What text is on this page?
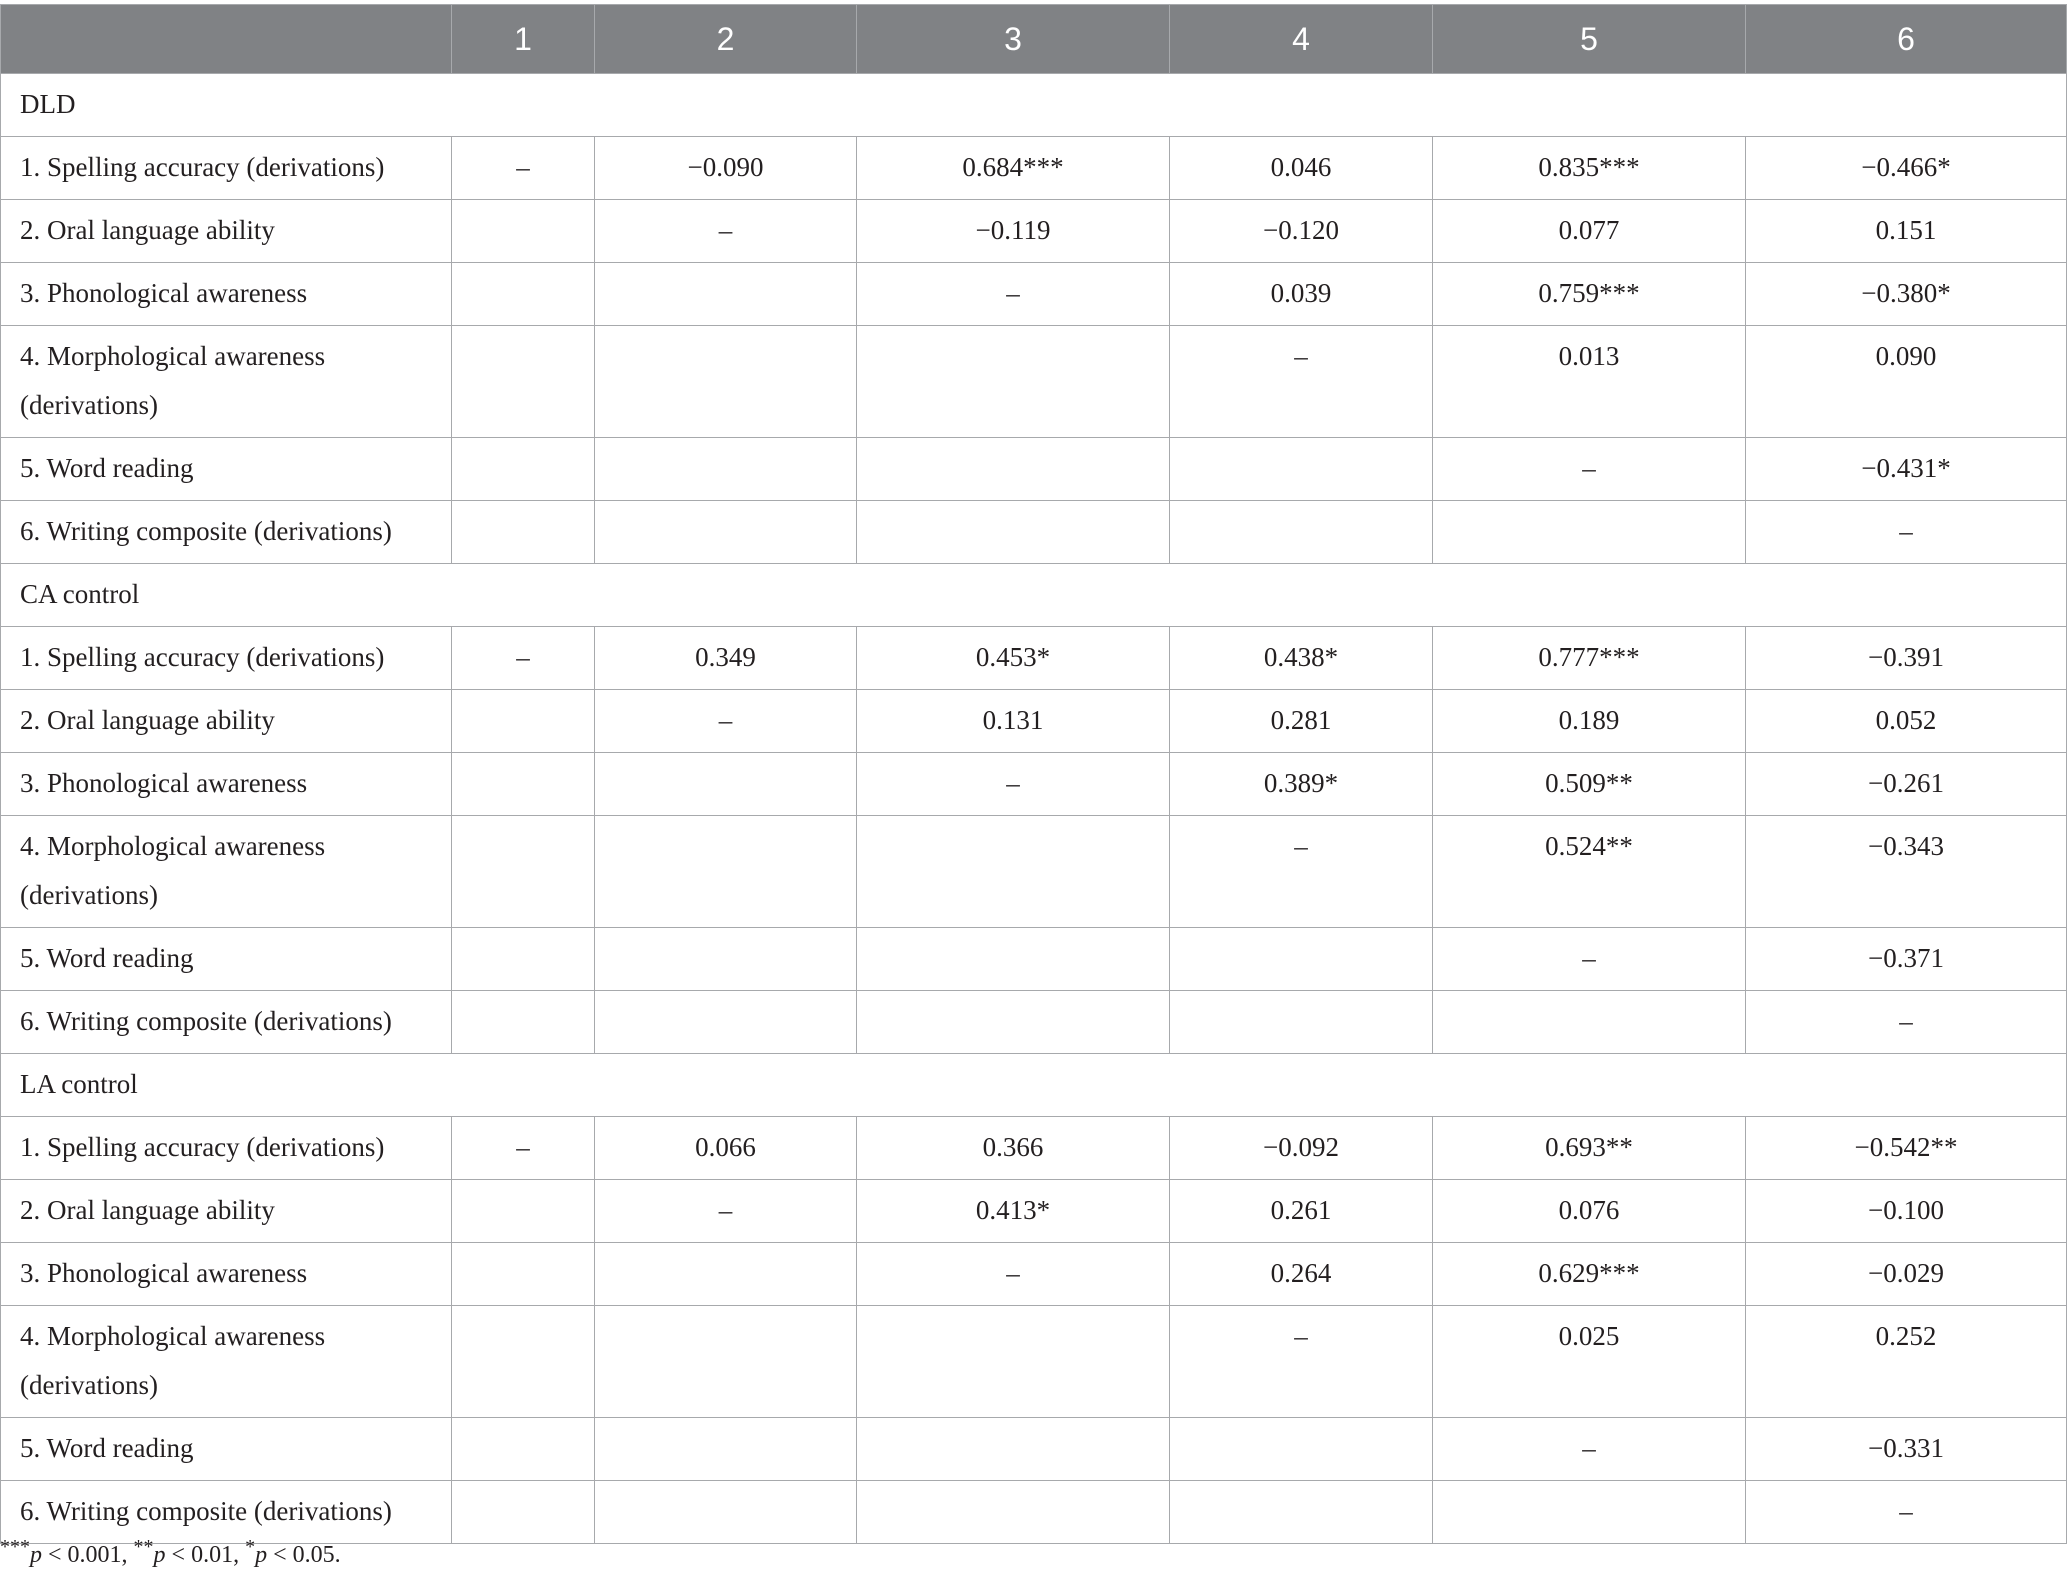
	1	2	3	4	5	6
DLD						
1. Spelling accuracy (derivations)	–	−0.090	0.684***	0.046	0.835***	−0.466*
2. Oral language ability		–	−0.119	−0.120	0.077	0.151
3. Phonological awareness			–	0.039	0.759***	−0.380*
4. Morphological awareness (derivations)				–	0.013	0.090
5. Word reading					–	−0.431*
6. Writing composite (derivations)						–
CA control						
1. Spelling accuracy (derivations)	–	0.349	0.453*	0.438*	0.777***	−0.391
2. Oral language ability		–	0.131	0.281	0.189	0.052
3. Phonological awareness			–	0.389*	0.509**	−0.261
4. Morphological awareness (derivations)				–	0.524**	−0.343
5. Word reading					–	−0.371
6. Writing composite (derivations)						–
LA control						
1. Spelling accuracy (derivations)	–	0.066	0.366	−0.092	0.693**	−0.542**
2. Oral language ability		–	0.413*	0.261	0.076	−0.100
3. Phonological awareness			–	0.264	0.629***	−0.029
4. Morphological awareness (derivations)				–	0.025	0.252
5. Word reading					–	−0.331
6. Writing composite (derivations)						–
***p < 0.001, **p < 0.01, *p < 0.05.
